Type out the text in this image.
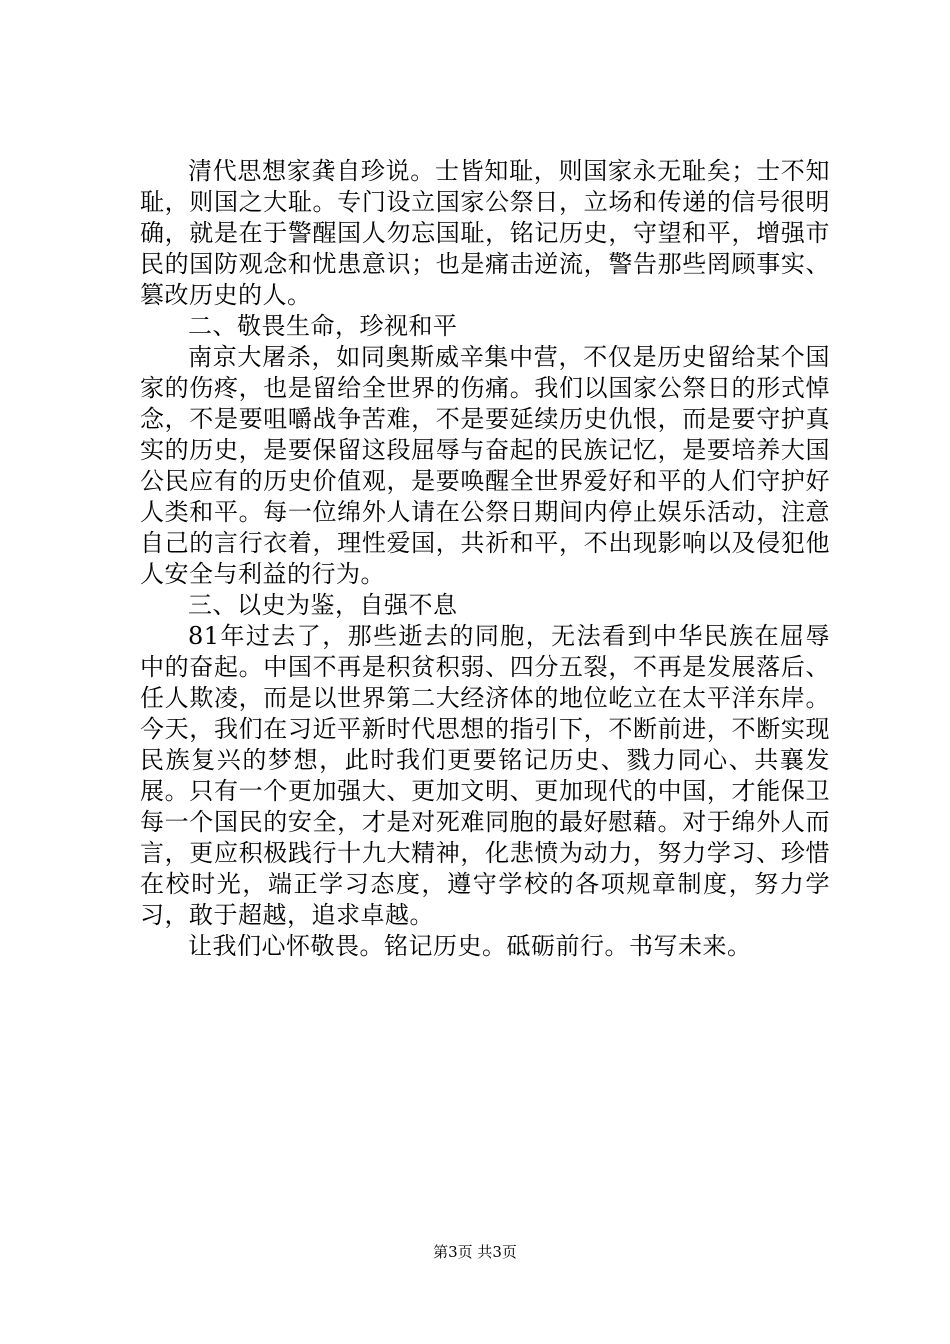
清代思想家龚自珍说。士皆知耻，则国家永无耻矣；士不知耻，则国之大耻。专门设立国家公祭日，立场和传递的信号很明确，就是在于警醒国人勿忘国耻，铭记历史，守望和平，增强市民的国防观念和忧患意识；也是痛击逆流，警告那些罔顾事实、篡改历史的人。

二、敬畏生命，珍视和平

南京大屠杀，如同奥斯威辛集中营，不仅是历史留给某个国家的伤疼，也是留给全世界的伤痛。我们以国家公祭日的形式悼念，不是要咀嚼战争苦难，不是要延续历史仇恨，而是要守护真实的历史，是要保留这段屈辱与奋起的民族记忆，是要培养大国公民应有的历史价值观，是要唤醒全世界爱好和平的人们守护好人类和平。每一位绵外人请在公祭日期间内停止娱乐活动，注意自己的言行衣着，理性爱国，共祈和平，不出现影响以及侵犯他人安全与利益的行为。

三、以史为鉴，自强不息

81年过去了，那些逝去的同胞，无法看到中华民族在屈辱中的奋起。中国不再是积贫积弱、四分五裂，不再是发展落后、任人欺凌，而是以世界第二大经济体的地位屹立在太平洋东岸。今天，我们在习近平新时代思想的指引下，不断前进，不断实现民族复兴的梦想，此时我们更要铭记历史、戮力同心、共襄发展。只有一个更加强大、更加文明、更加现代的中国，才能保卫每一个国民的安全，才是对死难同胞的最好慰藉。对于绵外人而言，更应积极践行十九大精神，化悲愤为动力，努力学习、珍惜在校时光，端正学习态度，遵守学校的各项规章制度，努力学习，敢于超越，追求卓越。

让我们心怀敬畏。铭记历史。砥砺前行。书写未来。

第3页 共3页
